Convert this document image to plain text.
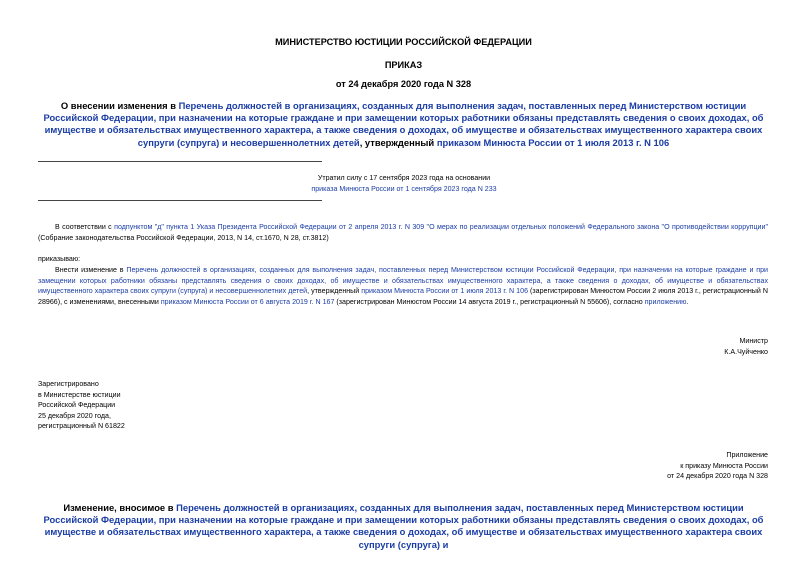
МИНИСТЕРСТВО ЮСТИЦИИ РОССИЙСКОЙ ФЕДЕРАЦИИ
ПРИКАЗ
от 24 декабря 2020 года N 328
О внесении изменения в Перечень должностей в организациях, созданных для выполнения задач, поставленных перед Министерством юстиции Российской Федерации, при назначении на которые граждане и при замещении которых работники обязаны представлять сведения о своих доходах, об имуществе и обязательствах имущественного характера, а также сведения о доходах, об имуществе и обязательствах имущественного характера своих супруги (супруга) и несовершеннолетних детей, утвержденный приказом Минюста России от 1 июля 2013 г. N 106
Утратил силу с 17 сентября 2023 года на основании
приказа Минюста России от 1 сентября 2023 года N 233
В соответствии с подпунктом "д" пункта 1 Указа Президента Российской Федерации от 2 апреля 2013 г. N 309 "О мерах по реализации отдельных положений Федерального закона "О противодействии коррупции" (Собрание законодательства Российской Федерации, 2013, N 14, ст.1670, N 28, ст.3812)
приказываю:
Внести изменение в Перечень должностей в организациях, созданных для выполнения задач, поставленных перед Министерством юстиции Российской Федерации, при назначении на которые граждане и при замещении которых работники обязаны представлять сведения о своих доходах, об имуществе и обязательствах имущественного характера, а также сведения о доходах, об имуществе и обязательствах имущественного характера своих супруги (супруга) и несовершеннолетних детей, утвержденный приказом Минюста России от 1 июля 2013 г. N 106 (зарегистрирован Минюстом России 2 июля 2013 г., регистрационный N 28966), с изменениями, внесенными приказом Минюста России от 6 августа 2019 г. N 167 (зарегистрирован Минюстом России 14 августа 2019 г., регистрационный N 55606), согласно приложению.
Министр
К.А.Чуйченко
Зарегистрировано
в Министерстве юстиции
Российской Федерации
25 декабря 2020 года,
регистрационный N 61822
Приложение
к приказу Минюста России
от 24 декабря 2020 года N 328
Изменение, вносимое в Перечень должностей в организациях, созданных для выполнения задач, поставленных перед Министерством юстиции Российской Федерации, при назначении на которые граждане и при замещении которых работники обязаны представлять сведения о своих доходах, об имуществе и обязательствах имущественного характера, а также сведения о доходах, об имуществе и обязательствах имущественного характера своих супруги (супруга) и
